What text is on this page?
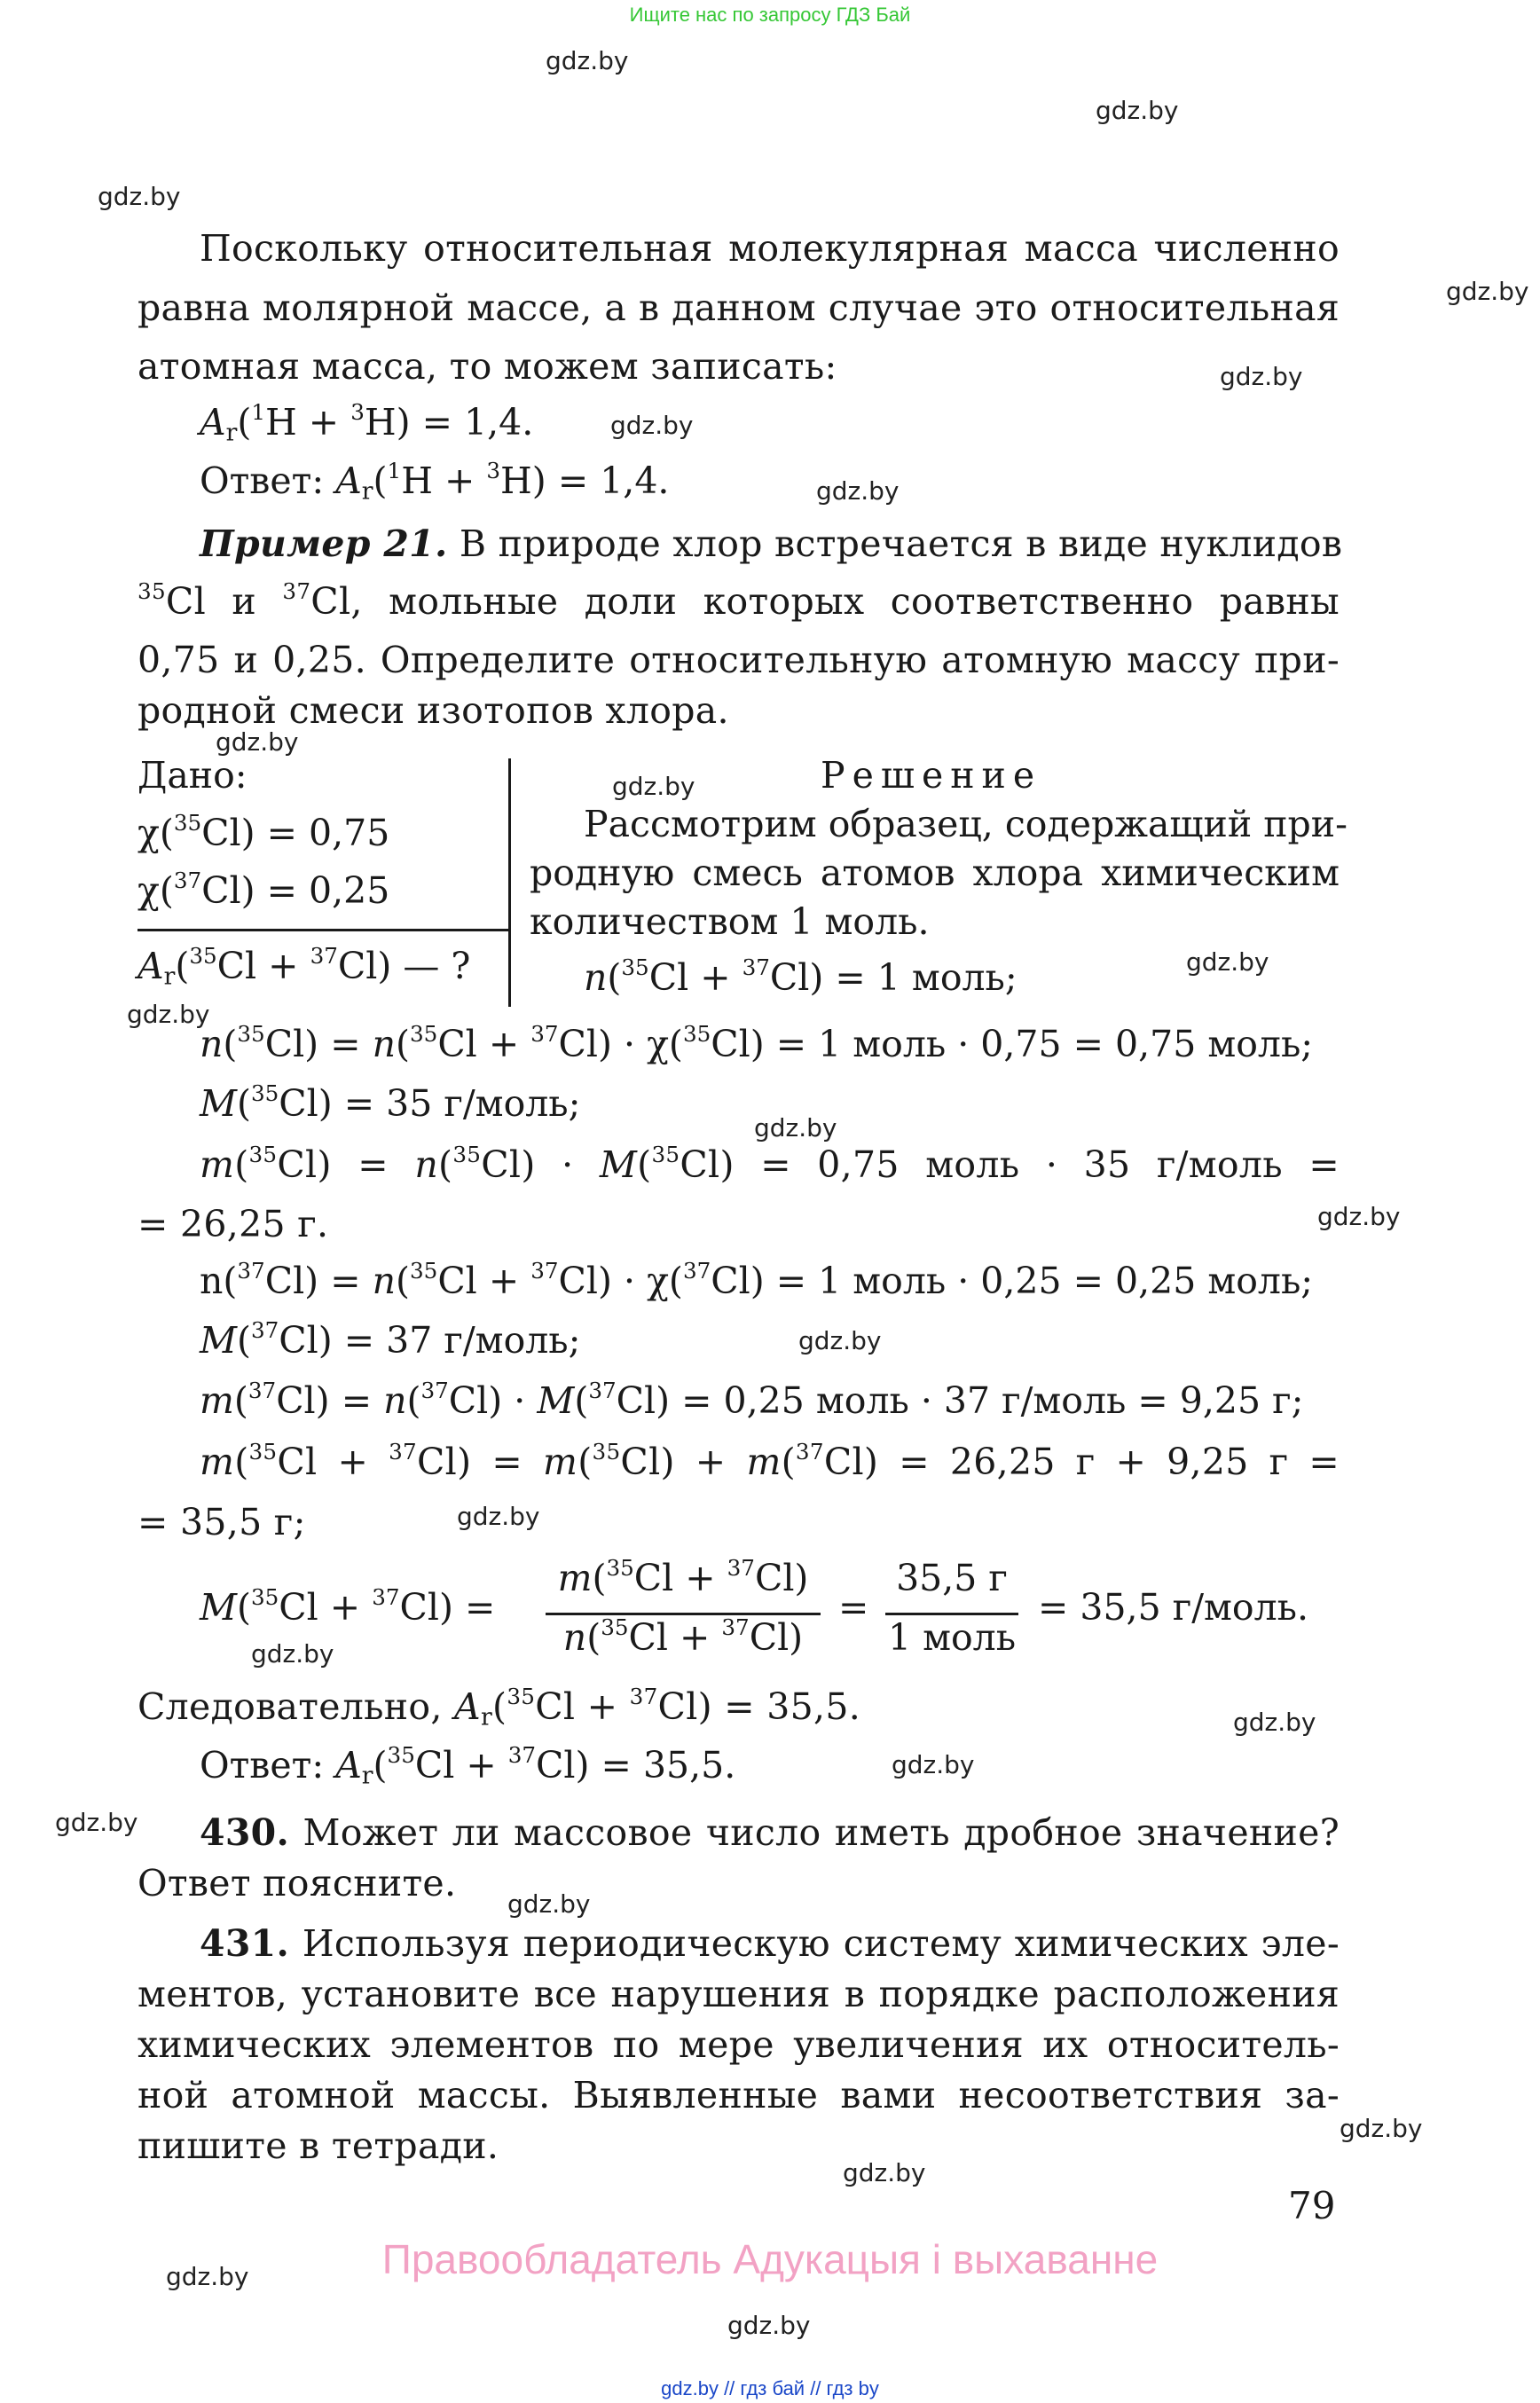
Ищите нас по запросу ГДЗ Бай
gdz.by
gdz.by
gdz.by
gdz.by
gdz.by
gdz.by
gdz.by
gdz.by
gdz.by
gdz.by
gdz.by
gdz.by
gdz.by
gdz.by
gdz.by
gdz.by
gdz.by
gdz.by
gdz.by
gdz.by
gdz.by
gdz.by
gdz.by
gdz.by
Поскольку относительная молекулярная масса численно
равна молярной массе, а в данном случае это относительная
атомная масса, то можем записать:
$A_r(^1H + ^3H) = 1,4$.
Ответ: $A_r(^1H + ^3H) = 1,4$.
Пример 21. В природе хлор встречается в виде нуклидов
$^{35}$Cl и $^{37}$Cl, мольные доли которых соответственно равны
0,75 и 0,25. Определите относительную атомную массу при-
родной смеси изотопов хлора.
Дано:
χ($^{35}$Cl) = 0,75
χ($^{37}$Cl) = 0,25
$A_r(^{35}Cl + ^{37}Cl)$ — ?
Решение
Рассмотрим образец, содержащий при-
родную смесь атомов хлора химическим
количеством 1 моль.
n($^{35}$Cl + $^{37}$Cl) = 1 моль;
n($^{35}$Cl) = n($^{35}$Cl + $^{37}$Cl) · χ($^{35}$Cl) = 1 моль · 0,75 = 0,75 моль;
M($^{35}$Cl) = 35 г/моль;
m($^{35}$Cl) = n($^{35}$Cl) · M($^{35}$Cl) = 0,75 моль · 35 г/моль =
= 26,25 г.
n($^{37}$Cl) = n($^{35}$Cl + $^{37}$Cl) · χ($^{37}$Cl) = 1 моль · 0,25 = 0,25 моль;
M($^{37}$Cl) = 37 г/моль;
m($^{37}$Cl) = n($^{37}$Cl) · M($^{37}$Cl) = 0,25 моль · 37 г/моль = 9,25 г;
m($^{35}$Cl + $^{37}$Cl) = m($^{35}$Cl) + m($^{37}$Cl) = 26,25 г + 9,25 г =
= 35,5 г;
M($^{35}$Cl + $^{37}$Cl) =
m($^{35}$Cl + $^{37}$Cl)
n($^{35}$Cl + $^{37}$Cl)
=
35,5 г
1 моль
= 35,5 г/моль.
Следовательно, $A_r(^{35}Cl + ^{37}Cl) = 35,5$.
Ответ: $A_r(^{35}Cl + ^{37}Cl) = 35,5$.
430. Может ли массовое число иметь дробное значение?
Ответ поясните.
431. Используя периодическую систему химических эле-
ментов, установите все нарушения в порядке расположения
химических элементов по мере увеличения их относитель-
ной атомной массы. Выявленные вами несоответствия за-
пишите в тетради.
79
Правообладатель Адукацыя і выхаванне
gdz.by // гдз бай // гдз by
